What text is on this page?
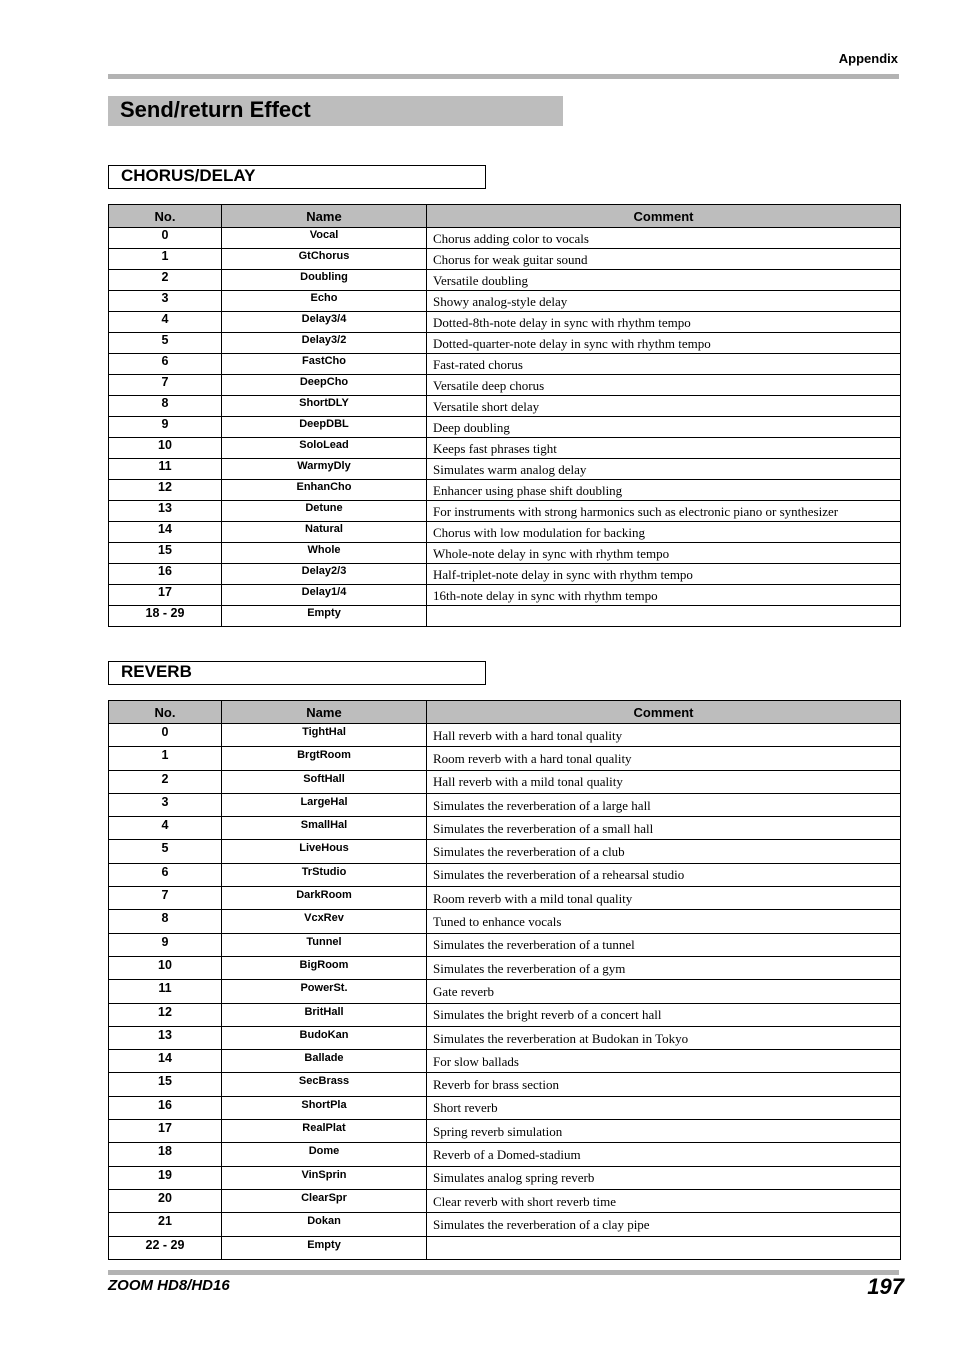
Appendix
Send/return Effect
CHORUS/DELAY
No.	Name	Comment
0	Vocal	Chorus adding color to vocals
1	GtChorus	Chorus for weak guitar sound
2	Doubling	Versatile doubling
3	Echo	Showy analog-style delay
4	Delay3/4	Dotted-8th-note delay in sync with rhythm tempo
5	Delay3/2	Dotted-quarter-note delay in sync with rhythm tempo
6	FastCho	Fast-rated chorus
7	DeepCho	Versatile deep chorus
8	ShortDLY	Versatile short delay
9	DeepDBL	Deep doubling
10	SoloLead	Keeps fast phrases tight
11	WarmyDly	Simulates warm analog delay
12	EnhanCho	Enhancer using phase shift doubling
13	Detune	For instruments with strong harmonics such as electronic piano or synthesizer
14	Natural	Chorus with low modulation for backing
15	Whole	Whole-note delay in sync with rhythm tempo
16	Delay2/3	Half-triplet-note delay in sync with rhythm tempo
17	Delay1/4	16th-note delay in sync with rhythm tempo
18 - 29	Empty	
REVERB
No.	Name	Comment
0	TightHal	Hall reverb with a hard tonal quality
1	BrgtRoom	Room reverb with a hard tonal quality
2	SoftHall	Hall reverb with a mild tonal quality
3	LargeHal	Simulates the reverberation of a large hall
4	SmallHal	Simulates the reverberation of a small hall
5	LiveHous	Simulates the reverberation of a club
6	TrStudio	Simulates the reverberation of a rehearsal studio
7	DarkRoom	Room reverb with a mild tonal quality
8	VcxRev	Tuned to enhance vocals
9	Tunnel	Simulates the reverberation of a tunnel
10	BigRoom	Simulates the reverberation of a gym
11	PowerSt.	Gate reverb
12	BritHall	Simulates the bright reverb of a concert hall
13	BudoKan	Simulates the reverberation at Budokan in Tokyo
14	Ballade	For slow ballads
15	SecBrass	Reverb for brass section
16	ShortPla	Short reverb
17	RealPlat	Spring reverb simulation
18	Dome	Reverb of a Domed-stadium
19	VinSprin	Simulates analog spring reverb
20	ClearSpr	Clear reverb with short reverb time
21	Dokan	Simulates the reverberation of a clay pipe
22 - 29	Empty	
ZOOM HD8/HD16	197
